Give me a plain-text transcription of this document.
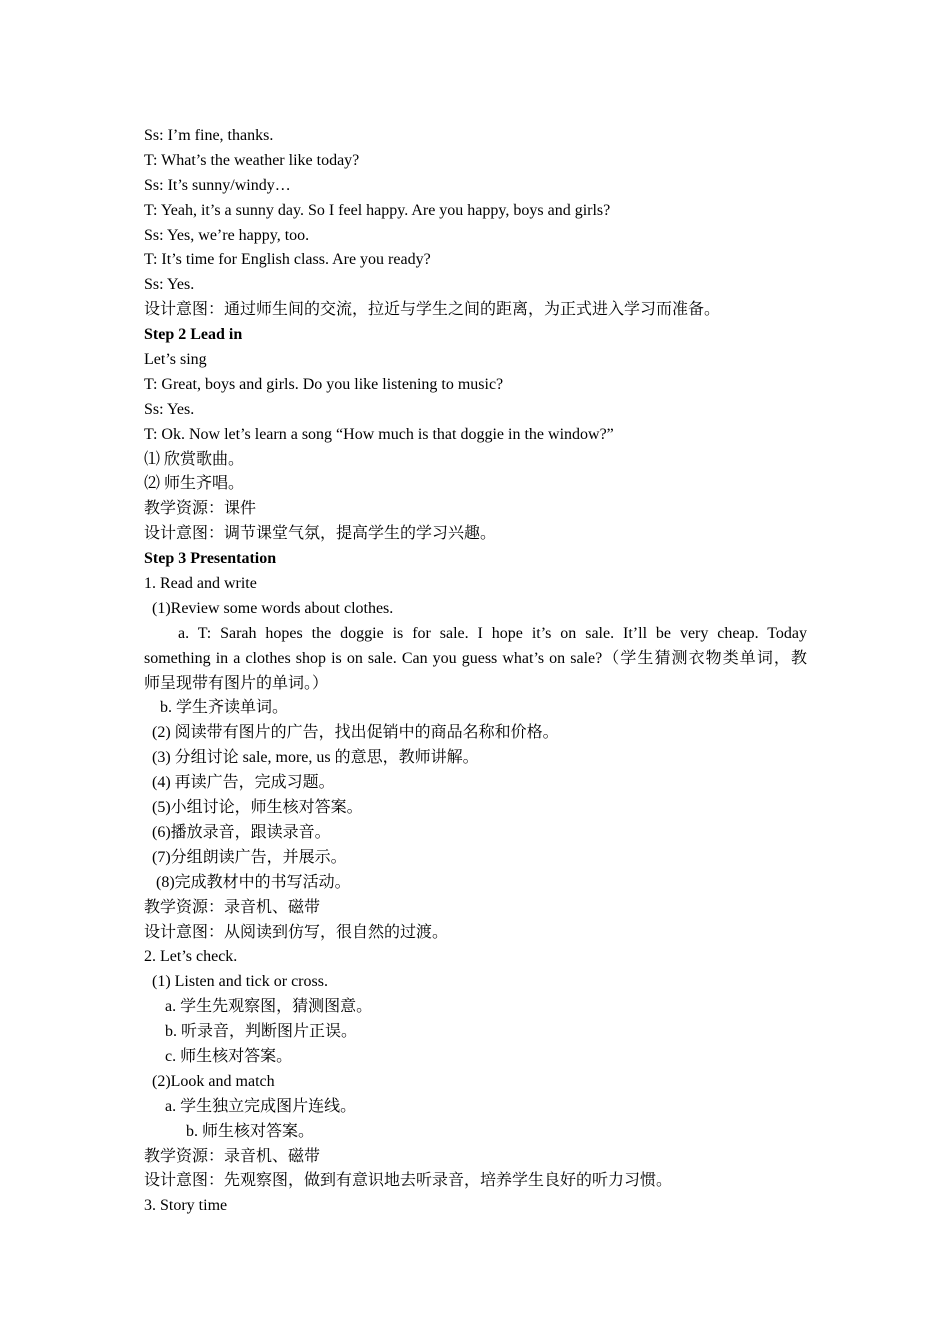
Ss: I’m fine, thanks.
T: What’s the weather like today?
Ss: It’s sunny/windy…
T: Yeah, it’s a sunny day. So I feel happy. Are you happy, boys and girls?
Ss: Yes, we’re happy, too.
T: It’s time for English class. Are you ready?
Ss: Yes.
设计意图：通过师生间的交流，拉近与学生之间的距离，为正式进入学习而准备。
Step 2 Lead in
Let’s sing
T: Great, boys and girls. Do you like listening to music?
Ss: Yes.
T: Ok. Now let’s learn a song “How much is that doggie in the window?”
⑴ 欣赏歌曲。
⑵ 师生齐唱。
教学资源：课件
设计意图：调节课堂气氛，提高学生的学习兴趣。
Step 3 Presentation
1. Read and write
(1)Review some words about clothes.
a. T: Sarah hopes the doggie is for sale. I hope it’s on sale. It’ll be very cheap. Today
something in a clothes shop is on sale. Can you guess what’s on sale?（学生猜测衣物类单词，教
师呈现带有图片的单词。）
b. 学生齐读单词。
(2) 阅读带有图片的广告，找出促销中的商品名称和价格。
(3) 分组讨论 sale, more, us 的意思，教师讲解。
(4) 再读广告，完成习题。
(5)小组讨论，师生核对答案。
(6)播放录音，跟读录音。
(7)分组朗读广告，并展示。
(8)完成教材中的书写活动。
教学资源：录音机、磁带
设计意图：从阅读到仿写，很自然的过渡。
2. Let’s check.
(1) Listen and tick or cross.
a. 学生先观察图，猜测图意。
b. 听录音，判断图片正误。
c. 师生核对答案。
(2)Look and match
a. 学生独立完成图片连线。
b. 师生核对答案。
教学资源：录音机、磁带
设计意图：先观察图，做到有意识地去听录音，培养学生良好的听力习惯。
3. Story time
